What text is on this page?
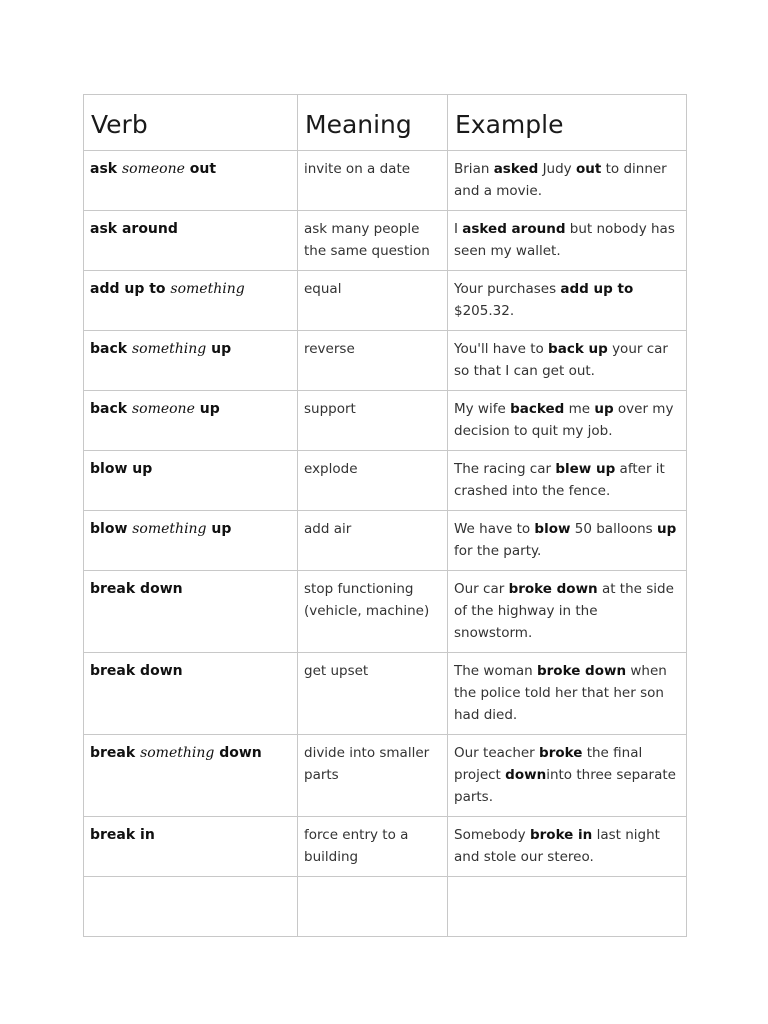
Verb	Meaning	Example

ask someone out	invite on a date	Brian asked Judy out to dinner and a movie.

ask around	ask many people the same question	I asked around but nobody has seen my wallet.

add up to something	equal	Your purchases add up to $205.32.

back something up	reverse	You'll have to back up your car so that I can get out.

back someone up	support	My wife backed me up over my decision to quit my job.

blow up	explode	The racing car blew up after it crashed into the fence.

blow something up	add air	We have to blow 50 balloons up for the party.

break down	stop functioning (vehicle, machine)	Our car broke down at the side of the highway in the snowstorm.

break down	get upset	The woman broke down when the police told her that her son had died.

break something down	divide into smaller parts	Our teacher broke the final project downinto three separate parts.

break in	force entry to a building	Somebody broke in last night and stole our stereo.
